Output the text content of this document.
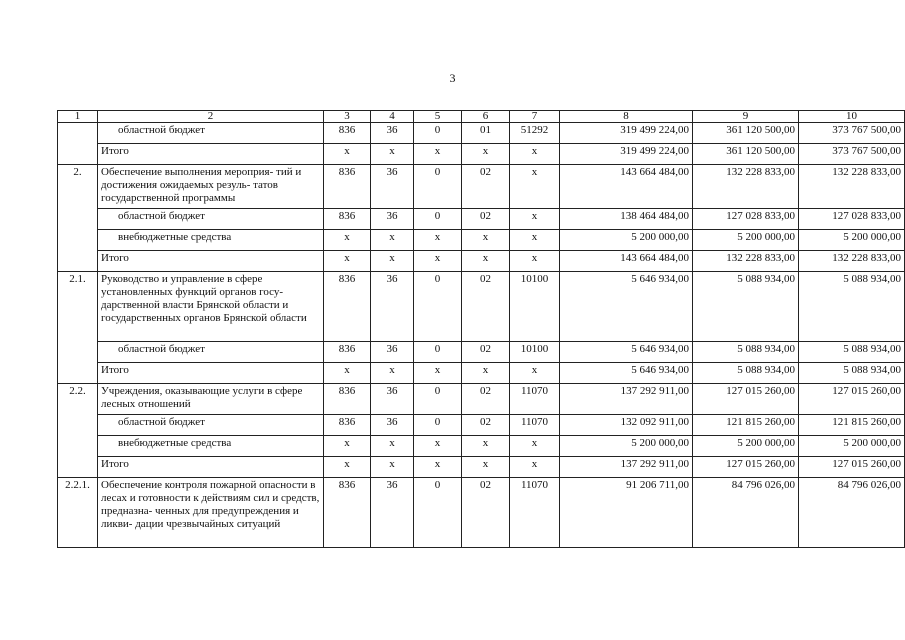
3
1	2	3	4	5	6	7	8	9	10
	областной бюджет	836	36	0	01	51292	319 499 224,00	361 120 500,00	373 767 500,00
	Итого	x	x	x	x	x	319 499 224,00	361 120 500,00	373 767 500,00
2.	Обеспечение выполнения мероприя- тий и достижения ожидаемых резуль- татов государственной программы	836	36	0	02	x	143 664 484,00	132 228 833,00	132 228 833,00
	областной бюджет	836	36	0	02	x	138 464 484,00	127 028 833,00	127 028 833,00
	внебюджетные средства	x	x	x	x	x	5 200 000,00	5 200 000,00	5 200 000,00
	Итого	x	x	x	x	x	143 664 484,00	132 228 833,00	132 228 833,00
2.1.	Руководство и управление в сфере установленных функций органов госу- дарственной власти Брянской области и государственных органов Брянской области	836	36	0	02	10100	5 646 934,00	5 088 934,00	5 088 934,00
	областной бюджет	836	36	0	02	10100	5 646 934,00	5 088 934,00	5 088 934,00
	Итого	x	x	x	x	x	5 646 934,00	5 088 934,00	5 088 934,00
2.2.	Учреждения, оказывающие услуги в сфере лесных отношений	836	36	0	02	11070	137 292 911,00	127 015 260,00	127 015 260,00
	областной бюджет	836	36	0	02	11070	132 092 911,00	121 815 260,00	121 815 260,00
	внебюджетные средства	x	x	x	x	x	5 200 000,00	5 200 000,00	5 200 000,00
	Итого	x	x	x	x	x	137 292 911,00	127 015 260,00	127 015 260,00
2.2.1.	Обеспечение контроля пожарной опасности в лесах и готовности к действиям сил и средств, предназна- ченных для предупреждения и ликви- дации чрезвычайных ситуаций	836	36	0	02	11070	91 206 711,00	84 796 026,00	84 796 026,00
